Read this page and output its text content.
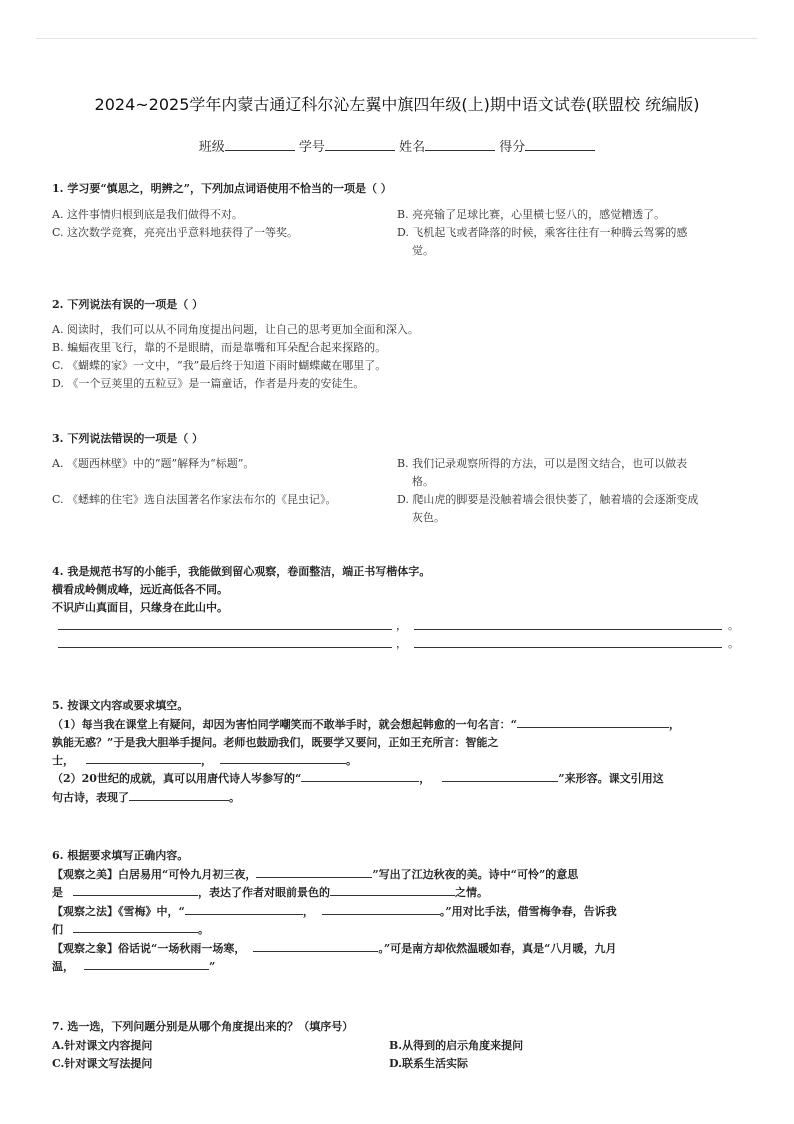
2024~2025学年内蒙古通辽科尔沁左翼中旗四年级(上)期中语文试卷(联盟校 统编版)
班级	学号	姓名	得分
1. 学习要“慎思之，明辨之”，下列加点词语使用不恰当的一项是（ ）
A. 这件事情归根到底是我们做得不对。	B. 亮亮输了足球比赛，心里横七竖八的，感觉糟透了。
C. 这次数学竞赛，亮亮出乎意料地获得了一等奖。	D. 飞机起飞或者降落的时候，乘客往往有一种腾云驾雾的感
觉。
2. 下列说法有误的一项是（ ）
A. 阅读时，我们可以从不同角度提出问题，让自己的思考更加全面和深入。
B. 蝙蝠夜里飞行，靠的不是眼睛，而是靠嘴和耳朵配合起来探路的。
C. 《蝴蝶的家》一文中，“我”最后终于知道下雨时蝴蝶藏在哪里了。
D. 《一个豆荚里的五粒豆》是一篇童话，作者是丹麦的安徒生。
3. 下列说法错误的一项是（ ）
A. 《题西林壁》中的“题”解释为“标题”。	B. 我们记录观察所得的方法，可以是图文结合，也可以做表
格。
C. 《蟋蟀的住宅》选自法国著名作家法布尔的《昆虫记》。	D. 爬山虎的脚要是没触着墙会很快萎了，触着墙的会逐渐变成
灰色。
4. 我是规范书写的小能手，我能做到留心观察，卷面整洁，端正书写楷体字。
横看成岭侧成峰，远近高低各不同。
不识庐山真面目，只缘身在此山中。
，	。
，	。
5. 按课文内容或要求填空。
（1）每当我在课堂上有疑问，却因为害怕同学嘲笑而不敢举手时，就会想起韩愈的一句名言：“	，
孰能无惑？”于是我大胆举手提问。老师也鼓励我们，既要学又要问，正如王充所言：智能之
士，	，	。
（2）20世纪的成就，真可以用唐代诗人岑参写的“	，	”来形容。课文引用这
句古诗，表现了	。
6. 根据要求填写正确内容。
【观察之美】白居易用“可怜九月初三夜，	”写出了江边秋夜的美。诗中“可怜”的意思
是	，表达了作者对眼前景色的	之情。
【观察之法】《雪梅》中，“	，	。”用对比手法，借雪梅争春，告诉我
们	。
【观察之象】俗话说“一场秋雨一场寒，	。”可是南方却依然温暖如春，真是“八月暖，九月
温，	”
7. 选一选，下列问题分别是从哪个角度提出来的？（填序号）
A.针对课文内容提问	B.从得到的启示角度来提问
C.针对课文写法提问	D.联系生活实际
